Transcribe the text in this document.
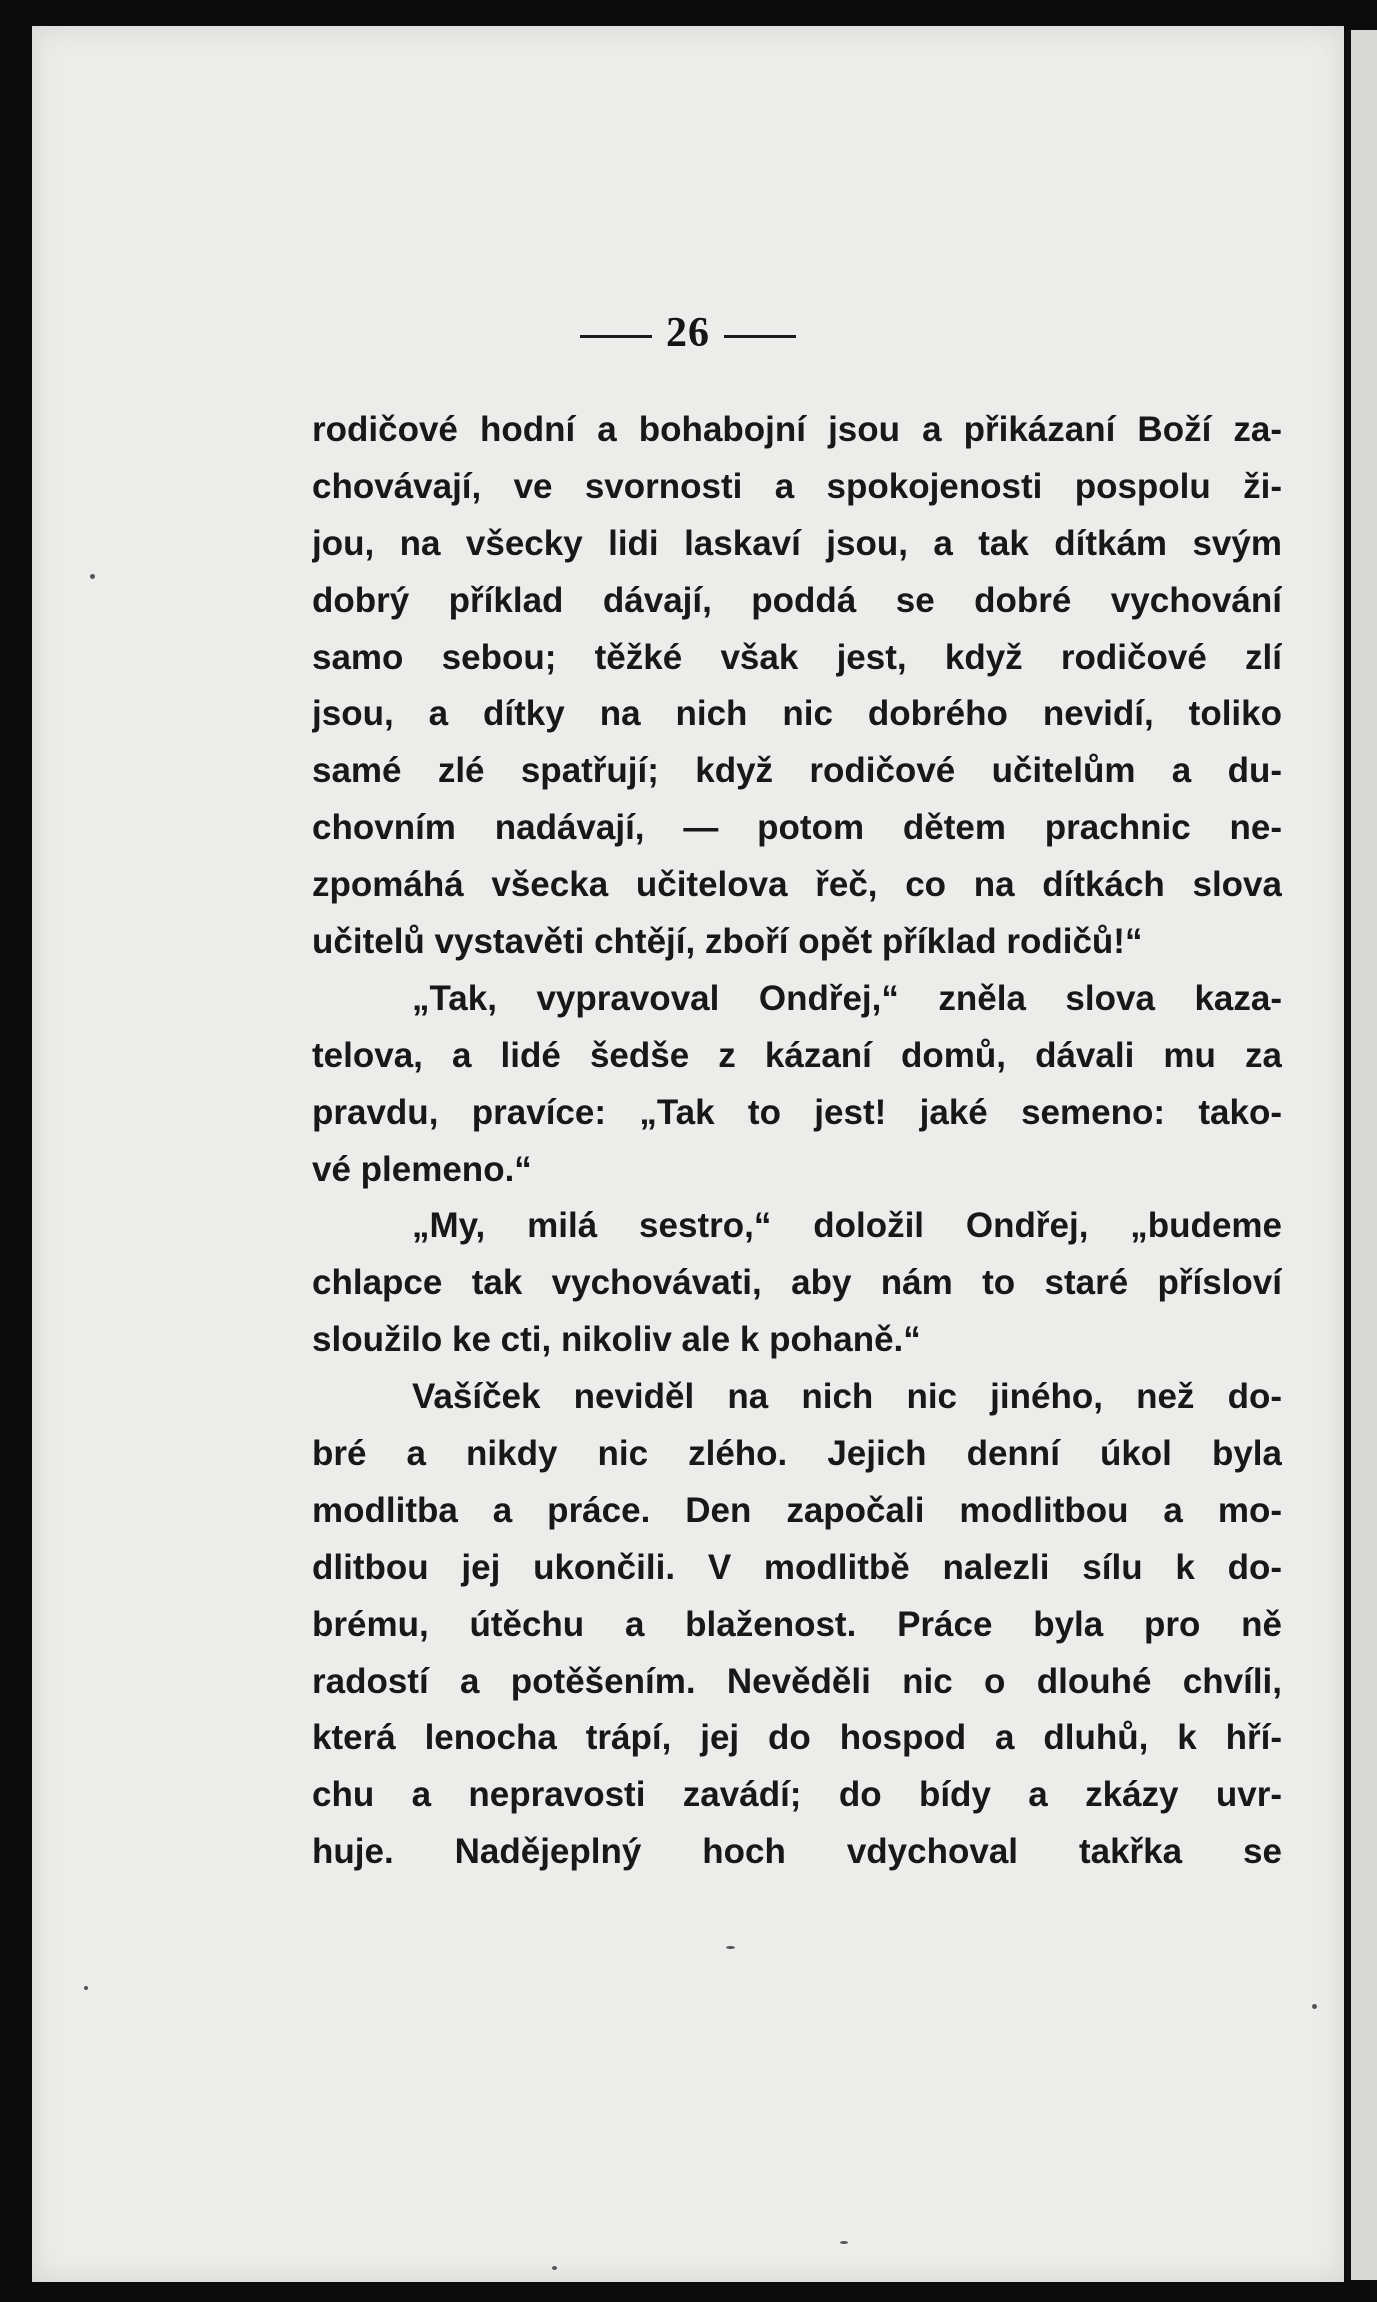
26
rodičové hodní a bohabojní jsou a přikázaní Boží za-
chovávají, ve svornosti a spokojenosti pospolu ži-
jou, na všecky lidi laskaví jsou, a tak dítkám svým
dobrý příklad dávají, poddá se dobré vychování
samo sebou; těžké však jest, když rodičové zlí
jsou, a dítky na nich nic dobrého nevidí, toliko
samé zlé spatřují; když rodičové učitelům a du-
chovním nadávají, — potom dětem prachnic ne-
zpomáhá všecka učitelova řeč, co na dítkách slova
učitelů vystavěti chtějí, zboří opět příklad rodičů!“
„Tak, vypravoval Ondřej,“ zněla slova kaza-
telova, a lidé šedše z kázaní domů, dávali mu za
pravdu, pravíce: „Tak to jest! jaké semeno: tako-
vé plemeno.“
„My, milá sestro,“ doložil Ondřej, „budeme
chlapce tak vychovávati, aby nám to staré přísloví
sloužilo ke cti, nikoliv ale k pohaně.“
Vašíček neviděl na nich nic jiného, než do-
bré a nikdy nic zlého. Jejich denní úkol byla
modlitba a práce. Den započali modlitbou a mo-
dlitbou jej ukončili. V modlitbě nalezli sílu k do-
brému, útěchu a blaženost. Práce byla pro ně
radostí a potěšením. Nevěděli nic o dlouhé chvíli,
která lenocha trápí, jej do hospod a dluhů, k hří-
chu a nepravosti zavádí; do bídy a zkázy uvr-
huje. Nadějeplný hoch vdychoval takřka se
